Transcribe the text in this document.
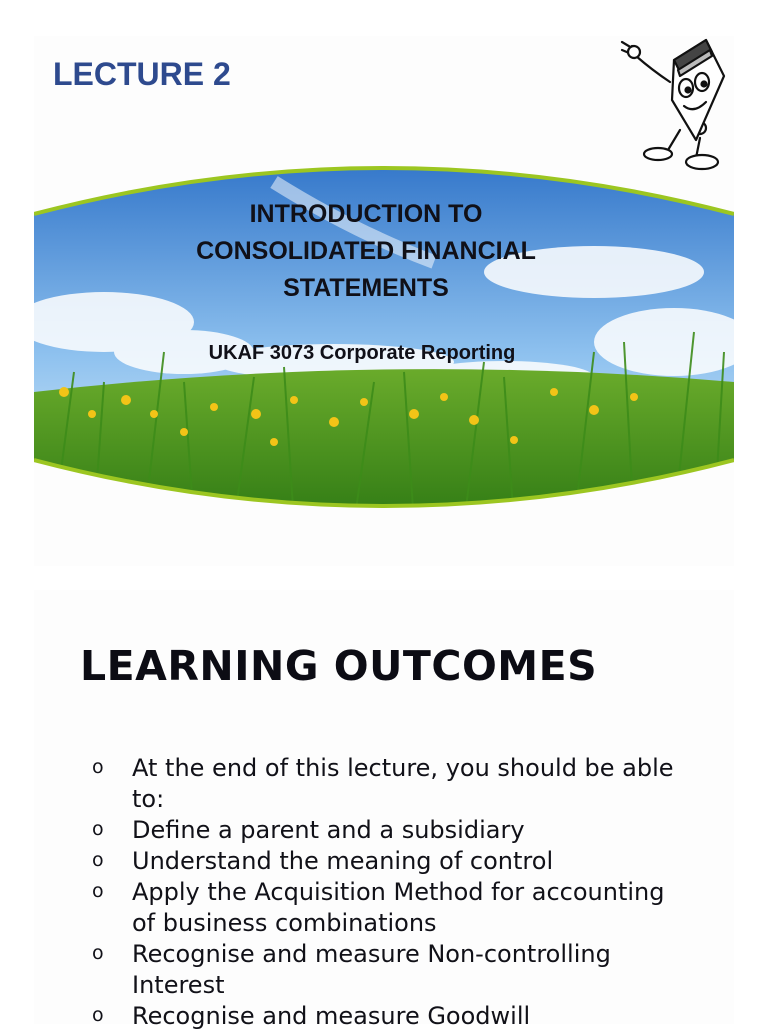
LECTURE 2
INTRODUCTION TO
CONSOLIDATED FINANCIAL
STATEMENTS

UKAF 3073 Corporate Reporting

LEARNING OUTCOMES
o At the end of this lecture, you should be able to:
o Define a parent and a subsidiary
o Understand the meaning of control
o Apply the Acquisition Method for accounting of business combinations
o Recognise and measure Non-controlling Interest
o Recognise and measure Goodwill
